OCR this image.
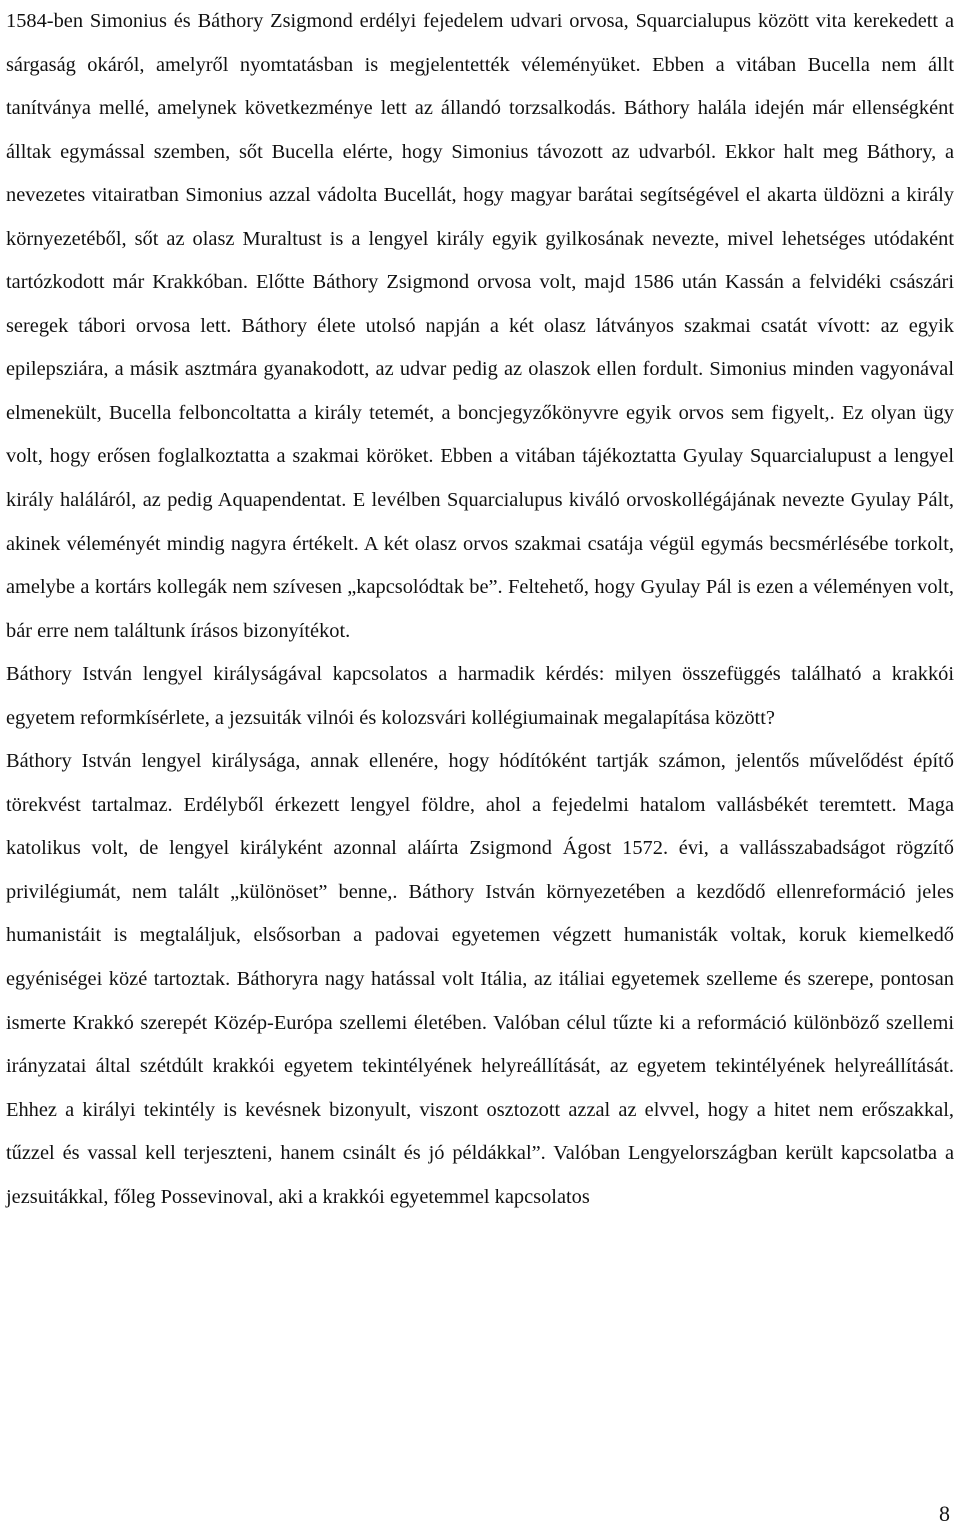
1584-ben Simonius és Báthory Zsigmond erdélyi fejedelem udvari orvosa, Squarcialupus között vita kerekedett a sárgaság okáról, amelyről nyomtatásban is megjelentették véleményüket. Ebben a vitában Bucella nem állt tanítványa mellé, amelynek következménye lett az állandó torzsalkodás. Báthory halála idején már ellenségként álltak egymással szemben, sőt Bucella elérte, hogy Simonius távozott az udvarból. Ekkor halt meg Báthory, a nevezetes vitairatban Simonius azzal vádolta Bucellát, hogy magyar barátai segítségével el akarta üldözni a király környezetéből, sőt az olasz Muraltust is a lengyel király egyik gyilkosának nevezte, mivel lehetséges utódaként tartózkodott már Krakkóban. Előtte Báthory Zsigmond orvosa volt, majd 1586 után Kassán a felvidéki császári seregek tábori orvosa lett. Báthory élete utolsó napján a két olasz látványos szakmai csatát vívott: az egyik epilepsziára, a másik asztmára gyanakodott, az udvar pedig az olaszok ellen fordult. Simonius minden vagyonával elmenekült, Bucella felboncoltatta a király tetemét, a boncjegyzőkönyvre egyik orvos sem figyelt,. Ez olyan ügy volt, hogy erősen foglalkoztatta a szakmai köröket. Ebben a vitában tájékoztatta Gyulay Squarcialupust a lengyel király haláláról, az pedig Aquapendentat. E levélben Squarcialupus kiváló orvoskollégájának nevezte Gyulay Pált, akinek véleményét mindig nagyra értékelt. A két olasz orvos szakmai csatája végül egymás becsmérlésébe torkolt, amelybe a kortárs kollegák nem szívesen „kapcsolódtak be”. Feltehető, hogy Gyulay Pál is ezen a véleményen volt, bár erre nem találtunk írásos bizonyítékot.

Báthory István lengyel királyságával kapcsolatos a harmadik kérdés: milyen összefüggés található a krakkói egyetem reformkísérlete, a jezsuiták vilnói és kolozsvári kollégiumainak megalapítása között?

Báthory István lengyel királysága, annak ellenére, hogy hódítóként tartják számon, jelentős művelődést építő törekvést tartalmaz. Erdélyből érkezett lengyel földre, ahol a fejedelmi hatalom vallásbékét teremtett. Maga katolikus volt, de lengyel királyként azonnal aláírta Zsigmond Ágost 1572. évi, a vallásszabadságot rögzítő privilégiumát, nem talált „különöset” benne,. Báthory István környezetében a kezdődő ellenreformáció jeles humanistáit is megtaláljuk, elsősorban a padovai egyetemen végzett humanisták voltak, koruk kiemelkedő egyéniségei közé tartoztak. Báthoryra nagy hatással volt Itália, az itáliai egyetemek szelleme és szerepe, pontosan ismerte Krakkó szerepét Közép-Európa szellemi életében. Valóban célul tűzte ki a reformáció különböző szellemi irányzatai által szétdúlt krakkói egyetem tekintélyének helyreállítását, az egyetem tekintélyének helyreállítását. Ehhez a királyi tekintély is kevésnek bizonyult, viszont osztozott azzal az elvvel, hogy a hitet nem erőszakkal, tűzzel és vassal kell terjeszteni, hanem csinált és jó példákkal”. Valóban Lengyelországban került kapcsolatba a jezsuitákkal, főleg Possevinoval, aki a krakkói egyetemmel kapcsolatos

8
